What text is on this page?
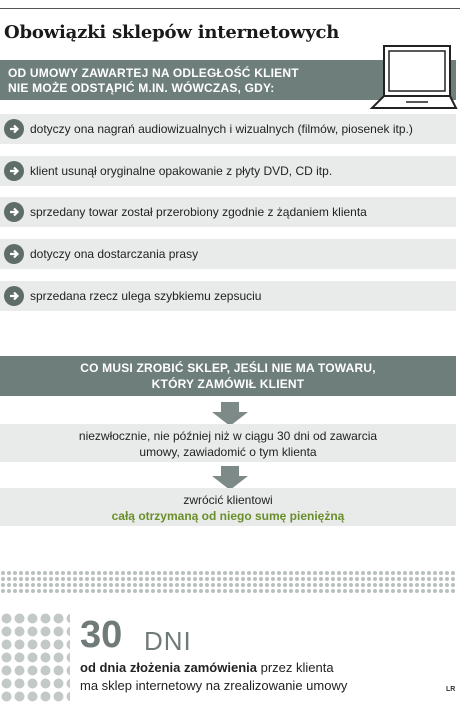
Obowiązki sklepów internetowych
OD UMOWY ZAWARTEJ NA ODLEGŁOŚĆ KLIENT
NIE MOŻE ODSTĄPIĆ M.IN. WÓWCZAS, GDY:
dotyczy ona nagrań audiowizualnych i wizualnych (filmów, piosenek itp.)
klient usunął oryginalne opakowanie z płyty DVD, CD itp.
sprzedany towar został przerobiony zgodnie z żądaniem klienta
dotyczy ona dostarczania prasy
sprzedana rzecz ulega szybkiemu zepsuciu
CO MUSI ZROBIĆ SKLEP, JEŚLI NIE MA TOWARU,
KTÓRY ZAMÓWIŁ KLIENT
niezwłocznie, nie później niż w ciągu 30 dni od zawarcia
umowy, zawiadomić o tym klienta
zwrócić klientowi
całą otrzymaną od niego sumę pieniężną
30 DNI
od dnia złożenia zamówienia przez klienta
ma sklep internetowy na zrealizowanie umowy	LR
